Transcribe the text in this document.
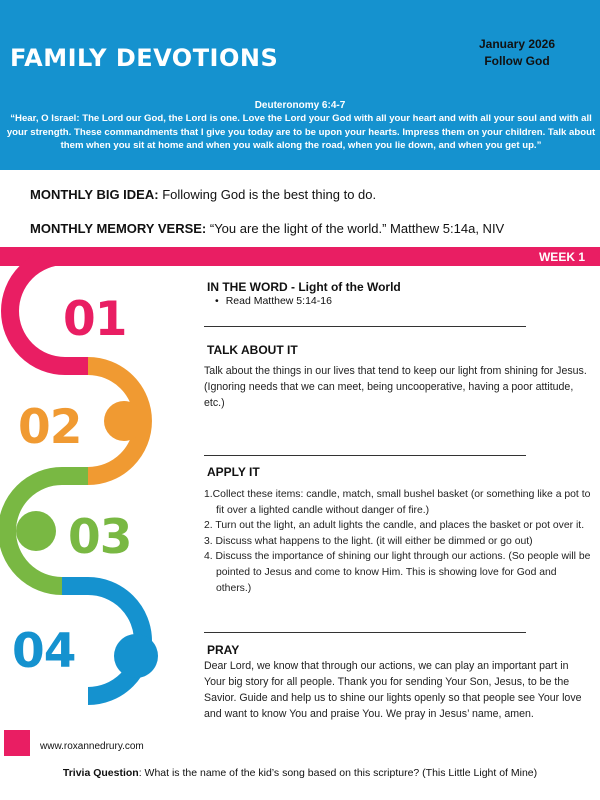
FAMILY DEVOTIONS	January 2026
Follow God
Deuteronomy 6:4-7
“Hear, O Israel: The Lord our God, the Lord is one. Love the Lord your God with all your heart and with all your soul and with all your strength. These commandments that I give you today are to be upon your hearts. Impress them on your children. Talk about them when you sit at home and when you walk along the road, when you lie down, and when you get up.”
MONTHLY BIG IDEA: Following God is the best thing to do.
MONTHLY MEMORY VERSE: “You are the light of the world.” Matthew 5:14a, NIV
WEEK 1
01
02
03
04
IN THE WORD - Light of the World
• Read Matthew 5:14-16
TALK ABOUT IT
Talk about the things in our lives that tend to keep our light from shining for Jesus. (Ignoring needs that we can meet, being uncooperative, having a poor attitude, etc.)
APPLY IT
1.Collect these items: candle, match, small bushel basket (or something like a pot to fit over a lighted candle without danger of fire.)
2. Turn out the light, an adult lights the candle, and places the basket or pot over it.
3. Discuss what happens to the light. (it will either be dimmed or go out)
4. Discuss the importance of shining our light through our actions. (So people will be pointed to Jesus and come to know Him. This is showing love for God and others.)
PRAY
Dear Lord, we know that through our actions, we can play an important part in Your big story for all people. Thank you for sending Your Son, Jesus, to be the Savior. Guide and help us to shine our lights openly so that people see Your love and want to know You and praise You. We pray in Jesus’ name, amen.
www.roxannedrury.com
Trivia Question: What is the name of the kid’s song based on this scripture? (This Little Light of Mine)
